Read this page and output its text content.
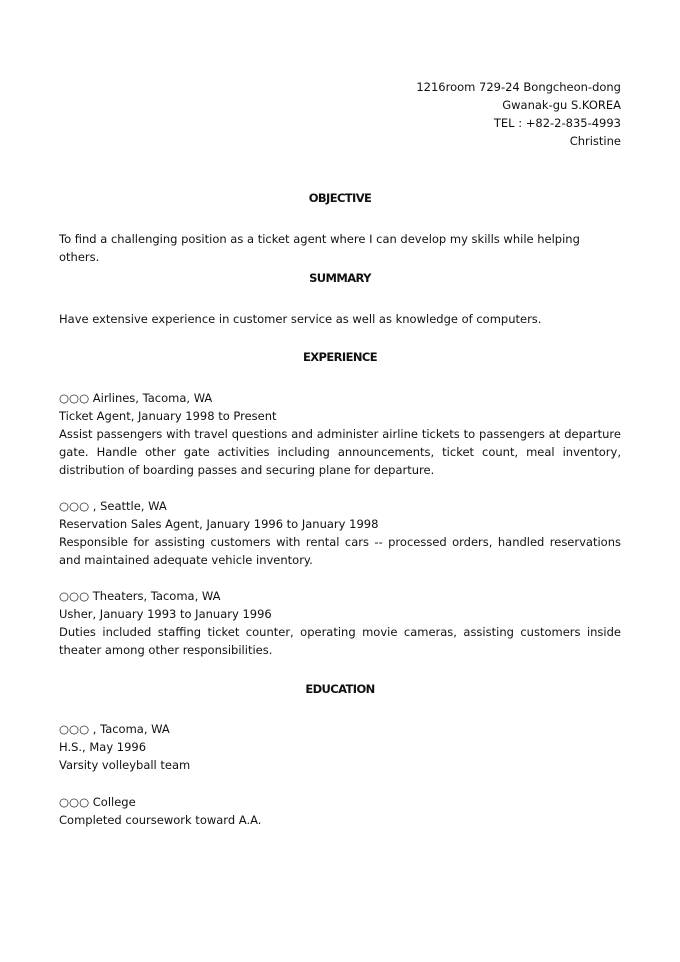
1216room 729-24 Bongcheon-dong
Gwanak-gu S.KOREA
TEL : +82-2-835-4993
Christine
OBJECTIVE
To find a challenging position as a ticket agent where I can develop my skills while helping others.
SUMMARY
Have extensive experience in customer service as well as knowledge of computers.
EXPERIENCE
○○○ Airlines, Tacoma, WA
Ticket Agent, January 1998 to Present
Assist passengers with travel questions and administer airline tickets to passengers at departure gate. Handle other gate activities including announcements, ticket count, meal inventory, distribution of boarding passes and securing plane for departure.
○○○ , Seattle, WA
Reservation Sales Agent, January 1996 to January 1998
Responsible for assisting customers with rental cars -- processed orders, handled reservations and maintained adequate vehicle inventory.
○○○ Theaters, Tacoma, WA
Usher, January 1993 to January 1996
Duties included staffing ticket counter, operating movie cameras, assisting customers inside theater among other responsibilities.
EDUCATION
○○○ , Tacoma, WA
H.S., May 1996
Varsity volleyball team
○○○ College
Completed coursework toward A.A.
